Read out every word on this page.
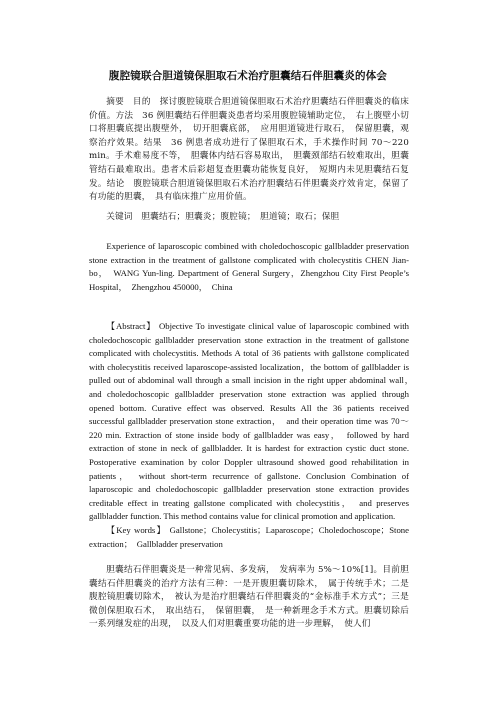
腹腔镜联合胆道镜保胆取石术治疗胆囊结石伴胆囊炎的体会

摘要　目的　探讨腹腔镜联合胆道镜保胆取石术治疗胆囊结石伴胆囊炎的临床价值。方法　36 例胆囊结石伴胆囊炎患者均采用腹腔镜辅助定位，　右上腹壁小切口将胆囊底提出腹壁外，　切开胆囊底部，　应用胆道镜进行取石，　保留胆囊，观察治疗效果。结果　36 例患者成功进行了保胆取石术，手术操作时间 70～220 min。手术难易度不等，　胆囊体内结石容易取出，　胆囊颈部结石较难取出，胆囊管结石最难取出。患者术后彩超复查胆囊功能恢复良好，　短期内未见胆囊结石复发。结论　腹腔镜联合胆道镜保胆取石术治疗胆囊结石伴胆囊炎疗效肯定，保留了有功能的胆囊，　具有临床推广应用价值。

关键词　胆囊结石；胆囊炎；腹腔镜；　胆道镜；取石；保胆

Experience of laparoscopic combined with choledochoscopic gallbladder preservation stone extraction in the treatment of gallstone complicated with cholecystitis CHEN Jian-bo，　WANG Yun-ling. Department of General Surgery，Zhengzhou City First People’s Hospital，　Zhengzhou 450000，　China

【Abstract】 Objective To investigate clinical value of laparoscopic combined with choledochoscopic gallbladder preservation stone extraction in the treatment of gallstone complicated with cholecystitis. Methods A total of 36 patients with gallstone complicated with cholecystitis received laparoscope-assisted localization，the bottom of gallbladder is pulled out of abdominal wall through a small incision in the right upper abdominal wall，　and choledochoscopic gallbladder preservation stone extraction was applied through opened bottom. Curative effect was observed. Results All the 36 patients received successful gallbladder preservation stone extraction，　and their operation time was 70～220 min. Extraction of stone inside body of gallbladder was easy，　followed by hard extraction of stone in neck of gallbladder. It is hardest for extraction cystic duct stone. Postoperative examination by color Doppler ultrasound showed good rehabilitation in patients，　without short-term recurrence of gallstone. Conclusion Combination of laparoscopic and choledochoscopic gallbladder preservation stone extraction provides creditable effect in treating gallstone complicated with cholecystitis，　and preserves gallbladder function. This method contains value for clinical promotion and application.

【Key words】 Gallstone；Cholecystitis；Laparoscope；Choledochoscope；Stone extraction；　Gallbladder preservation

胆囊结石伴胆囊炎是一种常见病、多发病，　发病率为 5%～10%[1]。目前胆囊结石伴胆囊炎的治疗方法有三种：一是开腹胆囊切除术，　属于传统手术；二是腹腔镜胆囊切除术，　被认为是治疗胆囊结石伴胆囊炎的“金标准手术方式”；三是微创保胆取石术，　取出结石，　保留胆囊，　是一种新理念手术方式。胆囊切除后一系列继发症的出现，　以及人们对胆囊重要功能的进一步理解，　使人们
